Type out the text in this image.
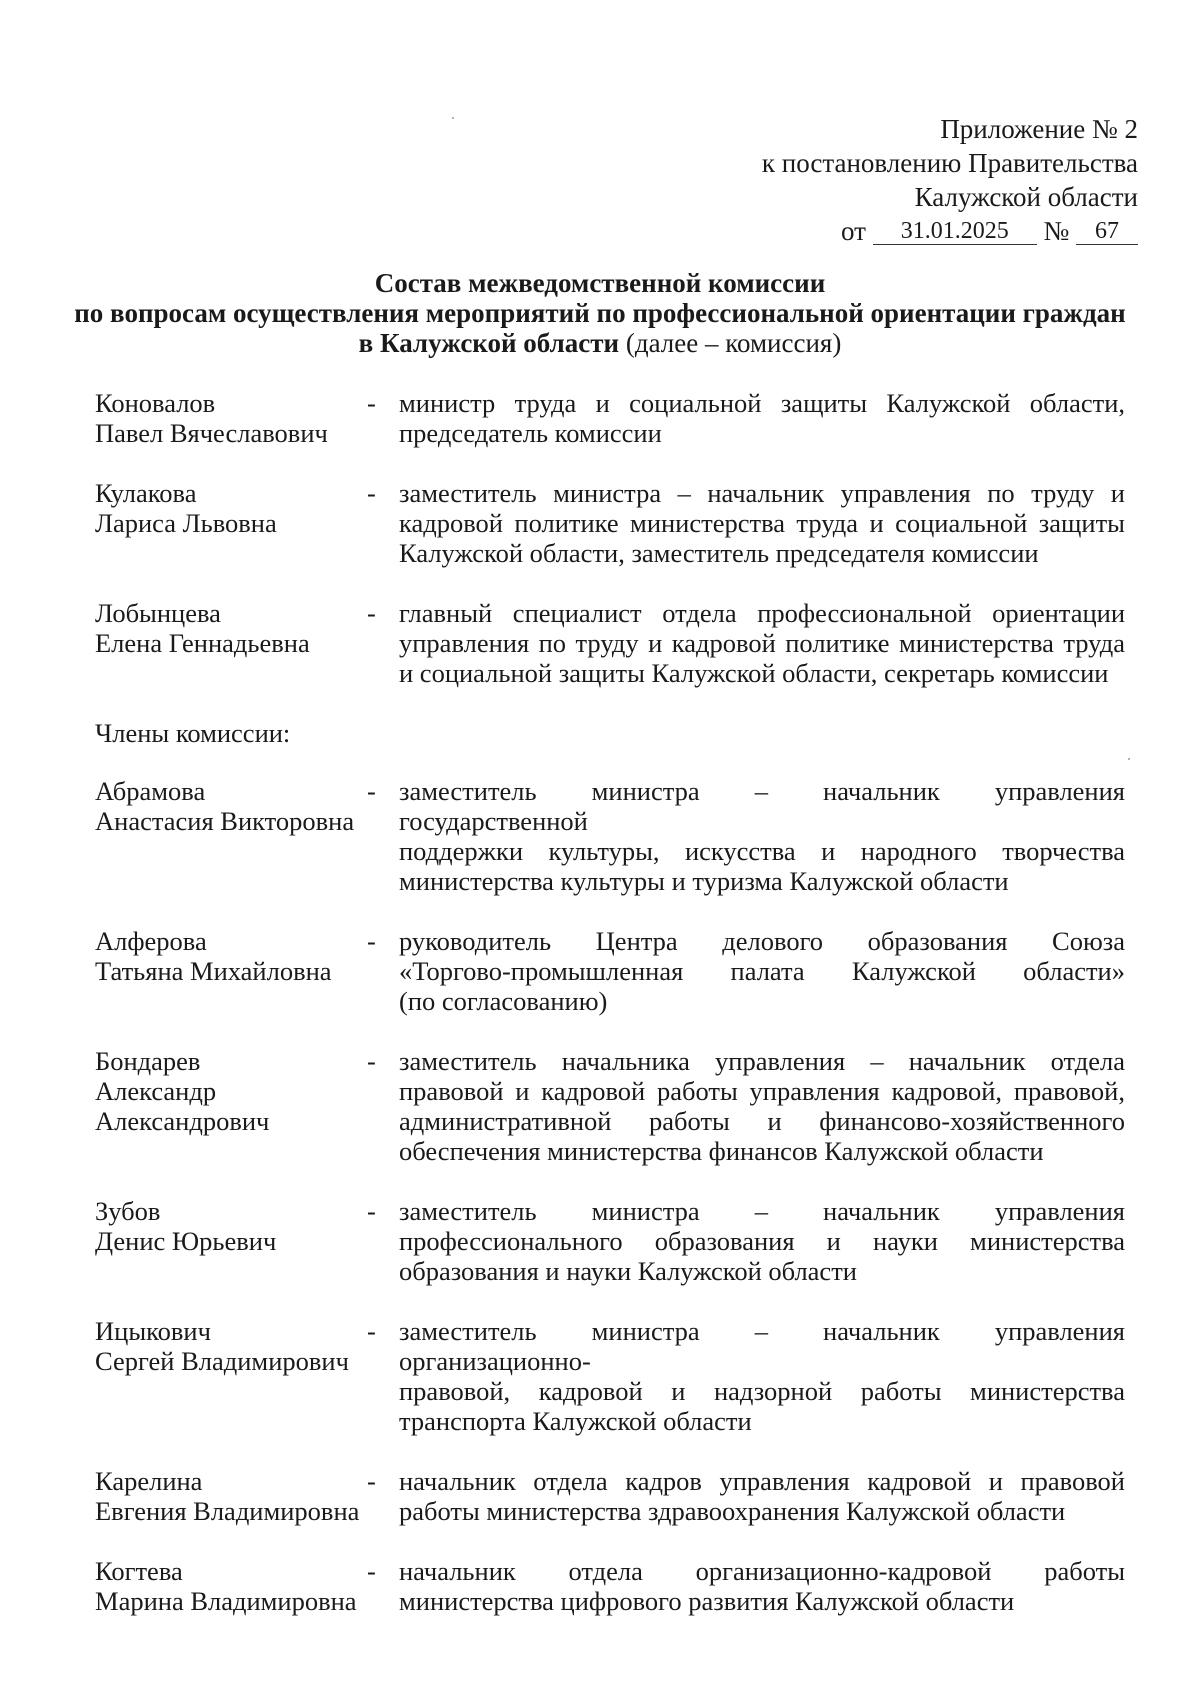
Приложение № 2
к постановлению Правительства
Калужской области
от 31.01.2025 № 67
Состав межведомственной комиссии
по вопросам осуществления мероприятий по профессиональной ориентации граждан
в Калужской области (далее – комиссия)
Коновалов
Павел Вячеславович
- министр труда и социальной защиты Калужской области,
председатель комиссии
Кулакова
Лариса Львовна
- заместитель министра – начальник управления по труду и
кадровой политике министерства труда и социальной защиты
Калужской области, заместитель председателя комиссии
Лобынцева
Елена Геннадьевна
- главный специалист отдела профессиональной ориентации
управления по труду и кадровой политике министерства труда
и социальной защиты Калужской области, секретарь комиссии
Члены комиссии:
Абрамова
Анастасия Викторовна
- заместитель министра – начальник управления государственной
поддержки культуры, искусства и народного творчества
министерства культуры и туризма Калужской области
Алферова
Татьяна Михайловна
- руководитель Центра делового образования Союза
«Торгово-промышленная палата Калужской области»
(по согласованию)
Бондарев
Александр
Александрович
- заместитель начальника управления – начальник отдела
правовой и кадровой работы управления кадровой, правовой,
административной работы и финансово-хозяйственного
обеспечения министерства финансов Калужской области
Зубов
Денис Юрьевич
- заместитель министра – начальник управления
профессионального образования и науки министерства
образования и науки Калужской области
Ицыкович
Сергей Владимирович
- заместитель министра – начальник управления организационно-
правовой, кадровой и надзорной работы министерства
транспорта Калужской области
Карелина
Евгения Владимировна
- начальник отдела кадров управления кадровой и правовой
работы министерства здравоохранения Калужской области
Когтева
Марина Владимировна
- начальник отдела организационно-кадровой работы
министерства цифрового развития Калужской области
